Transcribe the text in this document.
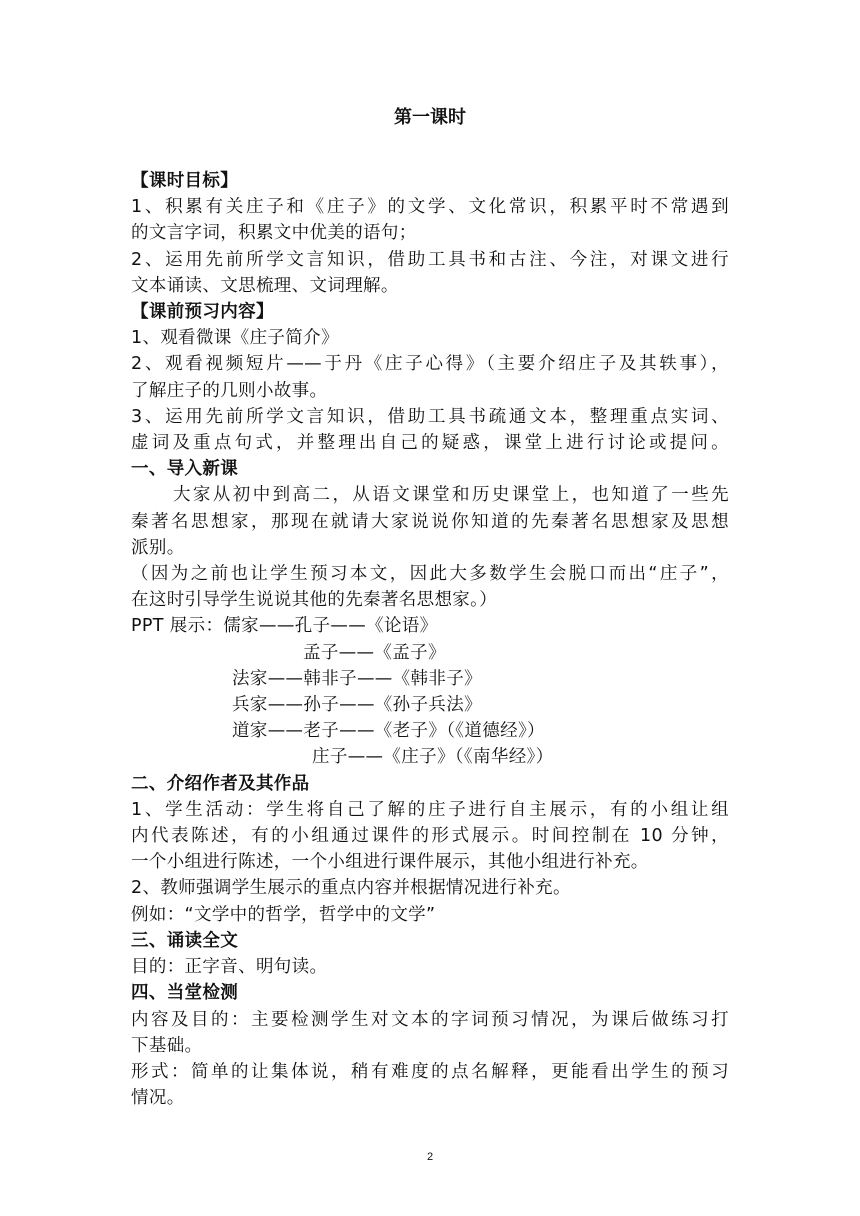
第一课时
【课时目标】
1、积累有关庄子和《庄子》的文学、文化常识，积累平时不常遇到
的文言字词，积累文中优美的语句；
2、运用先前所学文言知识，借助工具书和古注、今注，对课文进行
文本诵读、文思梳理、文词理解。
【课前预习内容】
1、观看微课《庄子简介》
2、观看视频短片——于丹《庄子心得》（主要介绍庄子及其轶事），
了解庄子的几则小故事。
3、运用先前所学文言知识，借助工具书疏通文本，整理重点实词、
虚词及重点句式，并整理出自己的疑惑，课堂上进行讨论或提问。
一、导入新课
大家从初中到高二，从语文课堂和历史课堂上，也知道了一些先
秦著名思想家，那现在就请大家说说你知道的先秦著名思想家及思想
派别。
（因为之前也让学生预习本文，因此大多数学生会脱口而出“庄子”，
在这时引导学生说说其他的先秦著名思想家。）
PPT 展示：儒家——孔子——《论语》
孟子——《孟子》
法家——韩非子——《韩非子》
兵家——孙子——《孙子兵法》
道家——老子——《老子》（《道德经》）
庄子——《庄子》（《南华经》）
二、介绍作者及其作品
1、学生活动：学生将自己了解的庄子进行自主展示，有的小组让组
内代表陈述，有的小组通过课件的形式展示。时间控制在 10 分钟，
一个小组进行陈述，一个小组进行课件展示，其他小组进行补充。
2、教师强调学生展示的重点内容并根据情况进行补充。
例如：“文学中的哲学，哲学中的文学”
三、诵读全文
目的：正字音、明句读。
四、当堂检测
内容及目的：主要检测学生对文本的字词预习情况，为课后做练习打
下基础。
形式：简单的让集体说，稍有难度的点名解释，更能看出学生的预习
情况。
2
